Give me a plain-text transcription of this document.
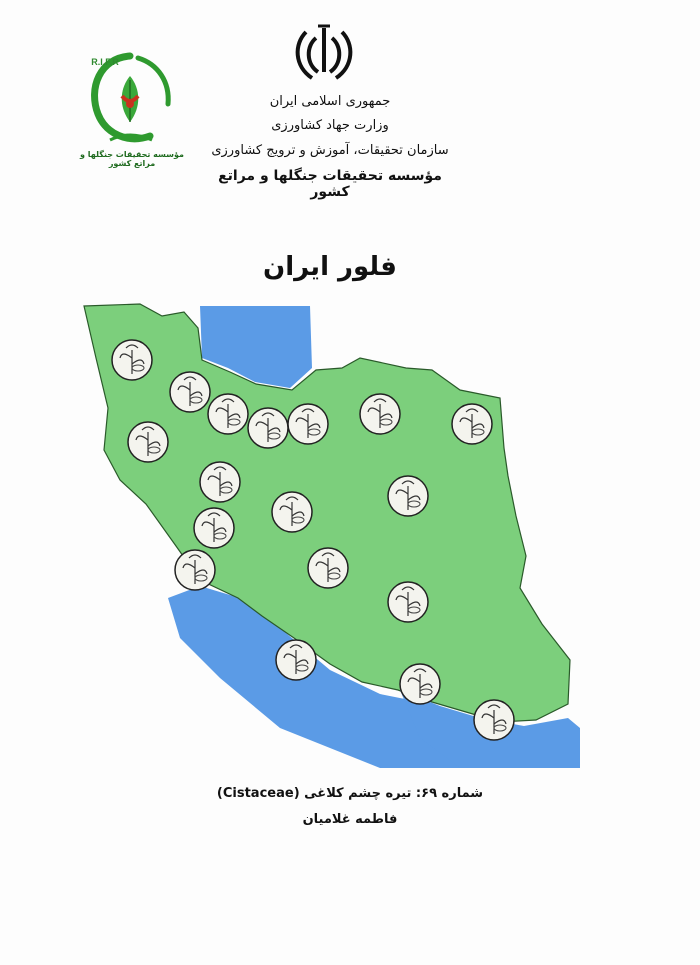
R.I.F.R
مؤسسه تحقیقات جنگلها و مراتع کشور
جمهوری اسلامی ایران
وزارت جهاد کشاورزی
سازمان تحقیقات، آموزش و ترویج کشاورزی
مؤسسه تحقیقات جنگلها و مراتع کشور
فلور ایران
شماره ۶۹: تیره چشم کلاغی (Cistaceae)
فاطمه غلامیان
